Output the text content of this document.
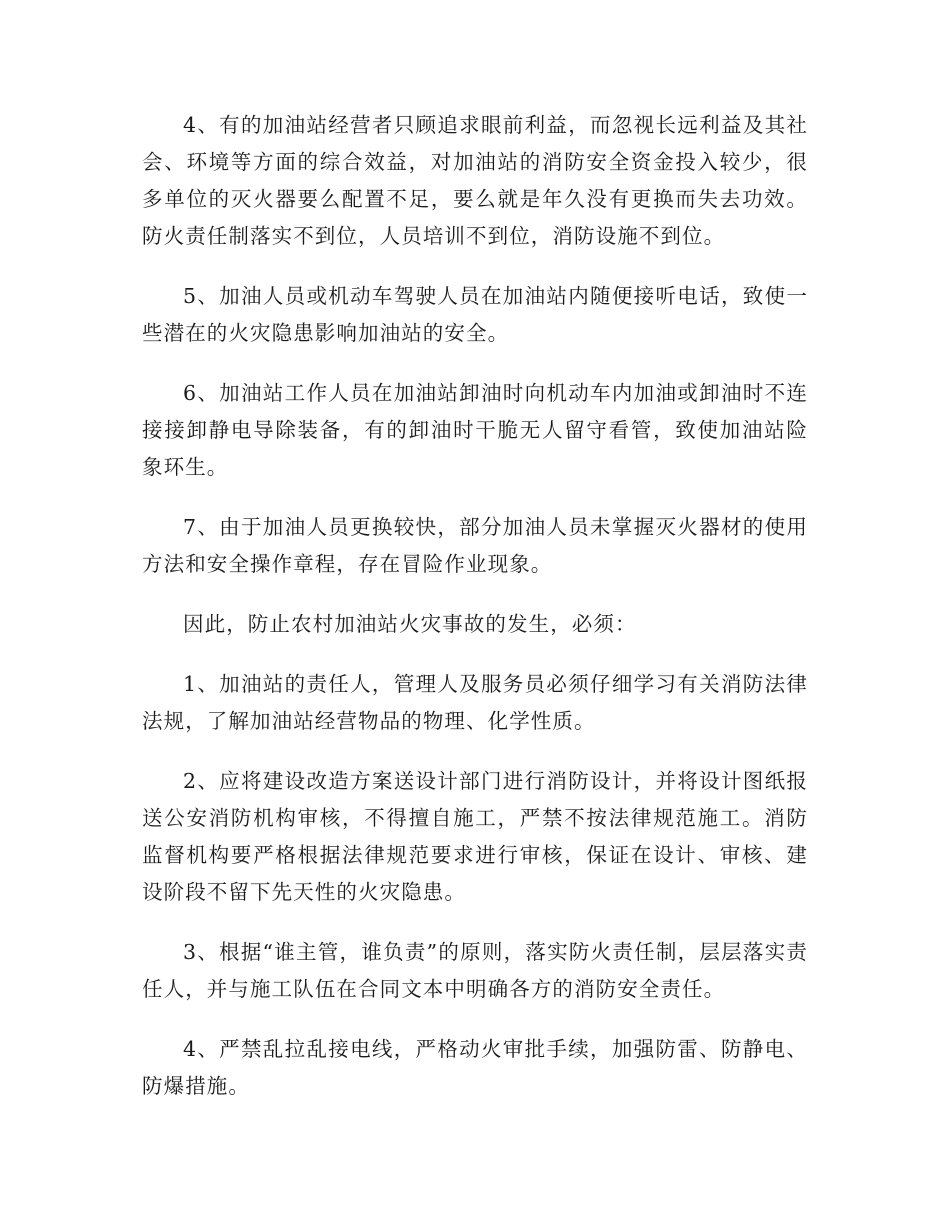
4、有的加油站经营者只顾追求眼前利益，而忽视长远利益及其社会、环境等方面的综合效益，对加油站的消防安全资金投入较少，很多单位的灭火器要么配置不足，要么就是年久没有更换而失去功效。防火责任制落实不到位，人员培训不到位，消防设施不到位。

5、加油人员或机动车驾驶人员在加油站内随便接听电话，致使一些潜在的火灾隐患影响加油站的安全。

6、加油站工作人员在加油站卸油时向机动车内加油或卸油时不连接接卸静电导除装备，有的卸油时干脆无人留守看管，致使加油站险象环生。

7、由于加油人员更换较快，部分加油人员未掌握灭火器材的使用方法和安全操作章程，存在冒险作业现象。

因此，防止农村加油站火灾事故的发生，必须：

1、加油站的责任人，管理人及服务员必须仔细学习有关消防法律法规，了解加油站经营物品的物理、化学性质。

2、应将建设改造方案送设计部门进行消防设计，并将设计图纸报送公安消防机构审核，不得擅自施工，严禁不按法律规范施工。消防监督机构要严格根据法律规范要求进行审核，保证在设计、审核、建设阶段不留下先天性的火灾隐患。

3、根据“谁主管，谁负责”的原则，落实防火责任制，层层落实责任人，并与施工队伍在合同文本中明确各方的消防安全责任。

4、严禁乱拉乱接电线，严格动火审批手续，加强防雷、防静电、防爆措施。
